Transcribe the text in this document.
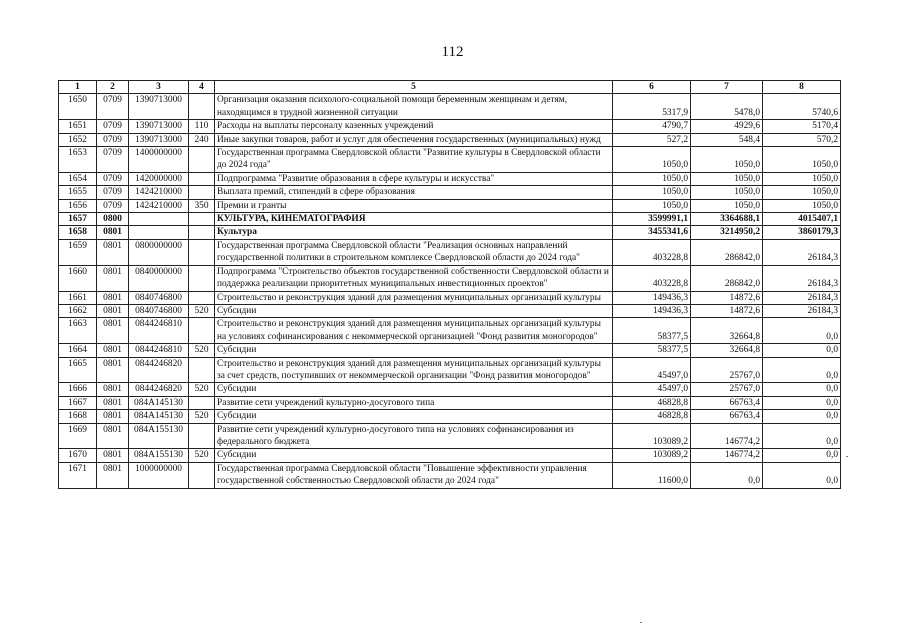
112
1	2	3	4	5	6	7	8
1650	0709	1390713000		Организация оказания психолого-социальной помощи беременным женщинам и детям, находящимся в трудной жизненной ситуации	5317,9	5478,0	5740,6
1651	0709	1390713000	110	Расходы на выплаты персоналу казенных учреждений	4790,7	4929,6	5170,4
1652	0709	1390713000	240	Иные закупки товаров, работ и услуг для обеспечения государственных (муниципальных) нужд	527,2	548,4	570,2
1653	0709	1400000000		Государственная программа Свердловской области "Развитие культуры в Свердловской области до 2024 года"	1050,0	1050,0	1050,0
1654	0709	1420000000		Подпрограмма "Развитие образования в сфере культуры и искусства"	1050,0	1050,0	1050,0
1655	0709	1424210000		Выплата премий, стипендий в сфере образования	1050,0	1050,0	1050,0
1656	0709	1424210000	350	Премии и гранты	1050,0	1050,0	1050,0
1657	0800			КУЛЬТУРА, КИНЕМАТОГРАФИЯ	3599991,1	3364688,1	4015407,1
1658	0801			Культура	3455341,6	3214950,2	3860179,3
1659	0801	0800000000		Государственная программа Свердловской области "Реализация основных направлений государственной политики в строительном комплексе Свердловской области до 2024 года"	403228,8	286842,0	26184,3
1660	0801	0840000000		Подпрограмма "Строительство объектов государственной собственности Свердловской области и поддержка реализации приоритетных муниципальных инвестиционных проектов"	403228,8	286842,0	26184,3
1661	0801	0840746800		Строительство и реконструкция зданий для размещения муниципальных организаций культуры	149436,3	14872,6	26184,3
1662	0801	0840746800	520	Субсидии	149436,3	14872,6	26184,3
1663	0801	0844246810		Строительство и реконструкция зданий для размещения муниципальных организаций культуры на условиях софинансирования с некоммерческой организацией "Фонд развития моногородов"	58377,5	32664,8	0,0
1664	0801	0844246810	520	Субсидии	58377,5	32664,8	0,0
1665	0801	0844246820		Строительство и реконструкция зданий для размещения муниципальных организаций культуры за счет средств, поступивших от некоммерческой организации "Фонд развития моногородов"	45497,0	25767,0	0,0
1666	0801	0844246820	520	Субсидии	45497,0	25767,0	0,0
1667	0801	084A145130		Развитие сети учреждений культурно-досугового типа	46828,8	66763,4	0,0
1668	0801	084A145130	520	Субсидии	46828,8	66763,4	0,0
1669	0801	084A155130		Развитие сети учреждений культурно-досугового типа на условиях софинансирования из федерального бюджета	103089,2	146774,2	0,0
1670	0801	084A155130	520	Субсидии	103089,2	146774,2	0,0
1671	0801	1000000000		Государственная программа Свердловской области "Повышение эффективности управления государственной собственностью Свердловской области до 2024 года"	11600,0	0,0	0,0
